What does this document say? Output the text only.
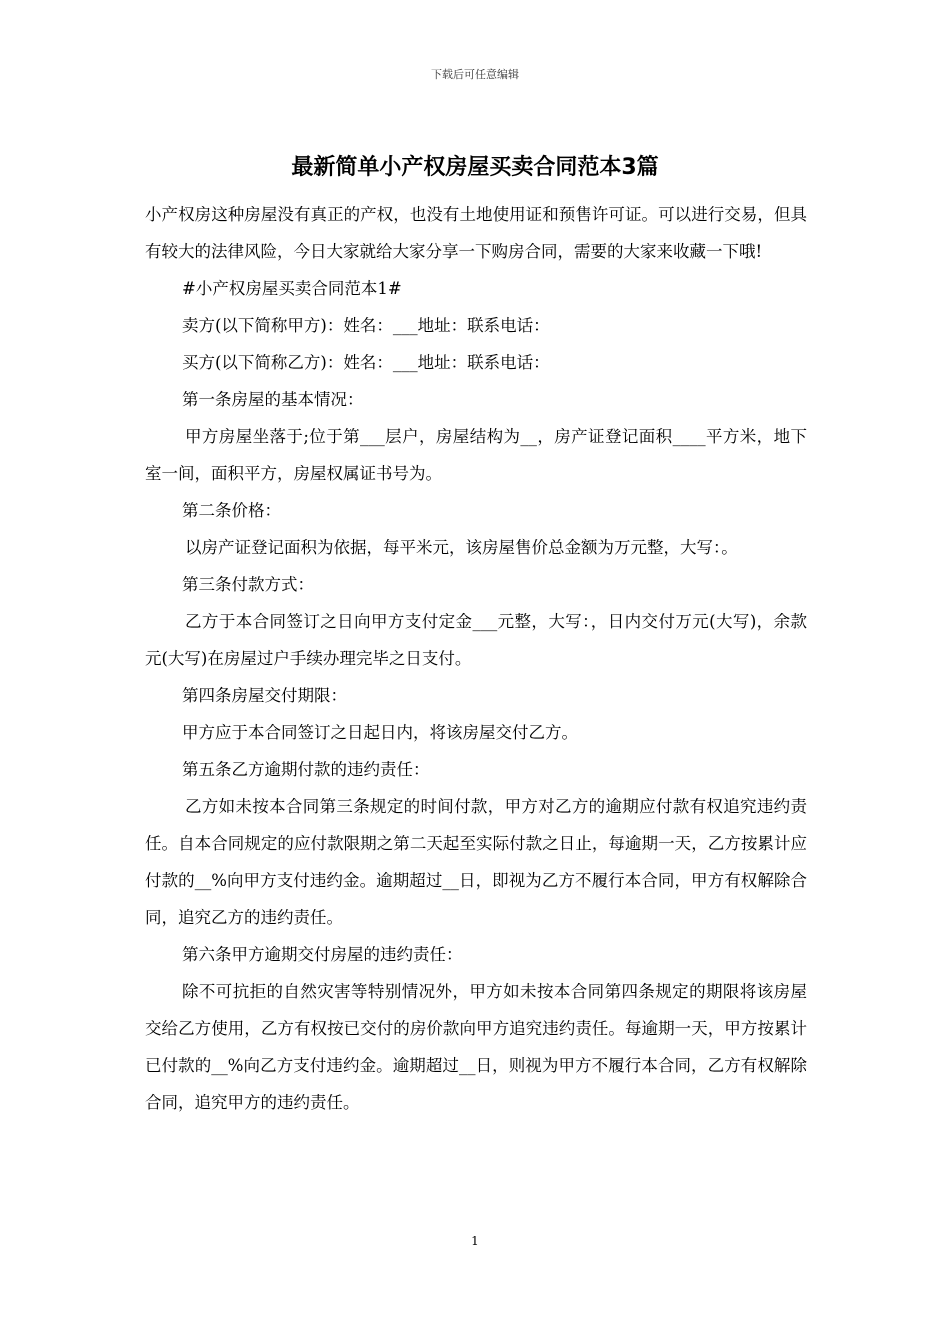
下载后可任意编辑
最新简单小产权房屋买卖合同范本3篇

小产权房这种房屋没有真正的产权，也没有土地使用证和预售许可证。可以进行交易，但具有较大的法律风险，今日大家就给大家分享一下购房合同，需要的大家来收藏一下哦!

#小产权房屋买卖合同范本1#

卖方(以下简称甲方)：姓名：___地址：联系电话：

买方(以下简称乙方)：姓名：___地址：联系电话：

第一条房屋的基本情况：

甲方房屋坐落于;位于第___层户，房屋结构为__，房产证登记面积____平方米，地下室一间，面积平方，房屋权属证书号为。

第二条价格：

以房产证登记面积为依据，每平米元，该房屋售价总金额为万元整，大写：。

第三条付款方式：

乙方于本合同签订之日向甲方支付定金___元整，大写：，日内交付万元(大写)，余款元(大写)在房屋过户手续办理完毕之日支付。

第四条房屋交付期限：

甲方应于本合同签订之日起日内，将该房屋交付乙方。

第五条乙方逾期付款的违约责任：

乙方如未按本合同第三条规定的时间付款，甲方对乙方的逾期应付款有权追究违约责任。自本合同规定的应付款限期之第二天起至实际付款之日止，每逾期一天，乙方按累计应付款的__%向甲方支付违约金。逾期超过__日，即视为乙方不履行本合同，甲方有权解除合同，追究乙方的违约责任。

第六条甲方逾期交付房屋的违约责任：

除不可抗拒的自然灾害等特别情况外，甲方如未按本合同第四条规定的期限将该房屋交给乙方使用，乙方有权按已交付的房价款向甲方追究违约责任。每逾期一天，甲方按累计已付款的__%向乙方支付违约金。逾期超过__日，则视为甲方不履行本合同，乙方有权解除合同，追究甲方的违约责任。

1
